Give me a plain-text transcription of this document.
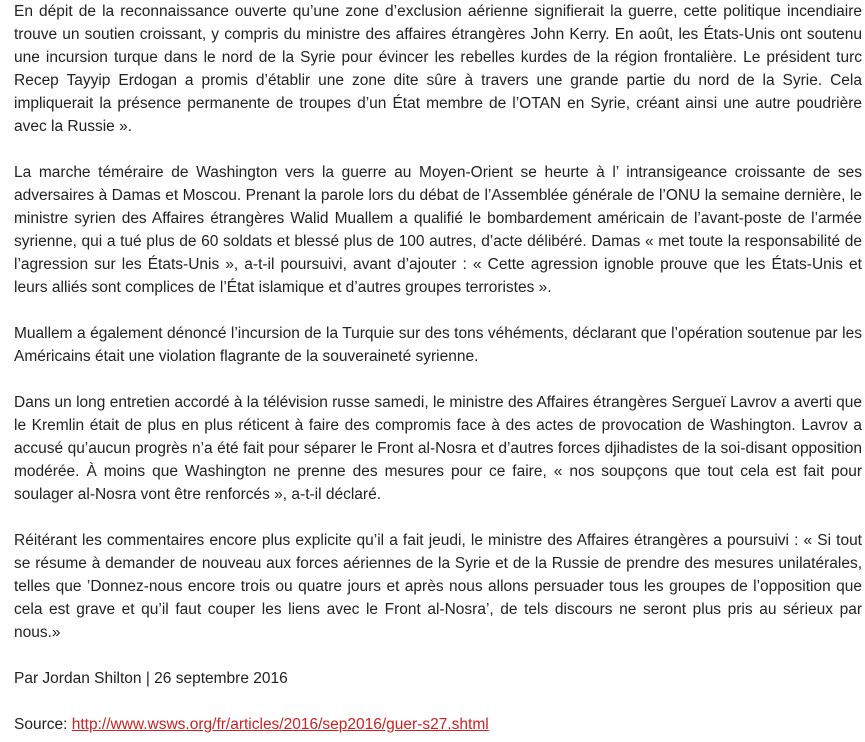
En dépit de la reconnaissance ouverte qu’une zone d’exclusion aérienne signifierait la guerre, cette politique incendiaire trouve un soutien croissant, y compris du ministre des affaires étrangères John Kerry. En août, les États-Unis ont soutenu une incursion turque dans le nord de la Syrie pour évincer les rebelles kurdes de la région frontalière. Le président turc Recep Tayyip Erdogan a promis d’établir une zone dite sûre à travers une grande partie du nord de la Syrie. Cela impliquerait la présence permanente de troupes d’un État membre de l’OTAN en Syrie, créant ainsi une autre poudrière avec la Russie ».

La marche téméraire de Washington vers la guerre au Moyen-Orient se heurte à l’ intransigeance croissante de ses adversaires à Damas et Moscou. Prenant la parole lors du débat de l’Assemblée générale de l’ONU la semaine dernière, le ministre syrien des Affaires étrangères Walid Muallem a qualifié le bombardement américain de l’avant-poste de l’armée syrienne, qui a tué plus de 60 soldats et blessé plus de 100 autres, d’acte délibéré. Damas « met toute la responsabilité de l’agression sur les États-Unis », a-t-il poursuivi, avant d’ajouter : « Cette agression ignoble prouve que les États-Unis et leurs alliés sont complices de l’État islamique et d’autres groupes terroristes ».

Muallem a également dénoncé l’incursion de la Turquie sur des tons véhéments, déclarant que l’opération soutenue par les Américains était une violation flagrante de la souveraineté syrienne.

Dans un long entretien accordé à la télévision russe samedi, le ministre des Affaires étrangères Sergueï Lavrov a averti que le Kremlin était de plus en plus réticent à faire des compromis face à des actes de provocation de Washington. Lavrov a accusé qu’aucun progrès n’a été fait pour séparer le Front al-Nosra et d’autres forces djihadistes de la soi-disant opposition modérée. À moins que Washington ne prenne des mesures pour ce faire, « nos soupçons que tout cela est fait pour soulager al-Nosra vont être renforcés », a-t-il déclaré.

Réitérant les commentaires encore plus explicite qu’il a fait jeudi, le ministre des Affaires étrangères a poursuivi : « Si tout se résume à demander de nouveau aux forces aériennes de la Syrie et de la Russie de prendre des mesures unilatérales, telles que ’Donnez-nous encore trois ou quatre jours et après nous allons persuader tous les groupes de l’opposition que cela est grave et qu’il faut couper les liens avec le Front al-Nosra’, de tels discours ne seront plus pris au sérieux par nous.»

Par Jordan Shilton | 26 septembre 2016

Source: http://www.wsws.org/fr/articles/2016/sep2016/guer-s27.shtml
